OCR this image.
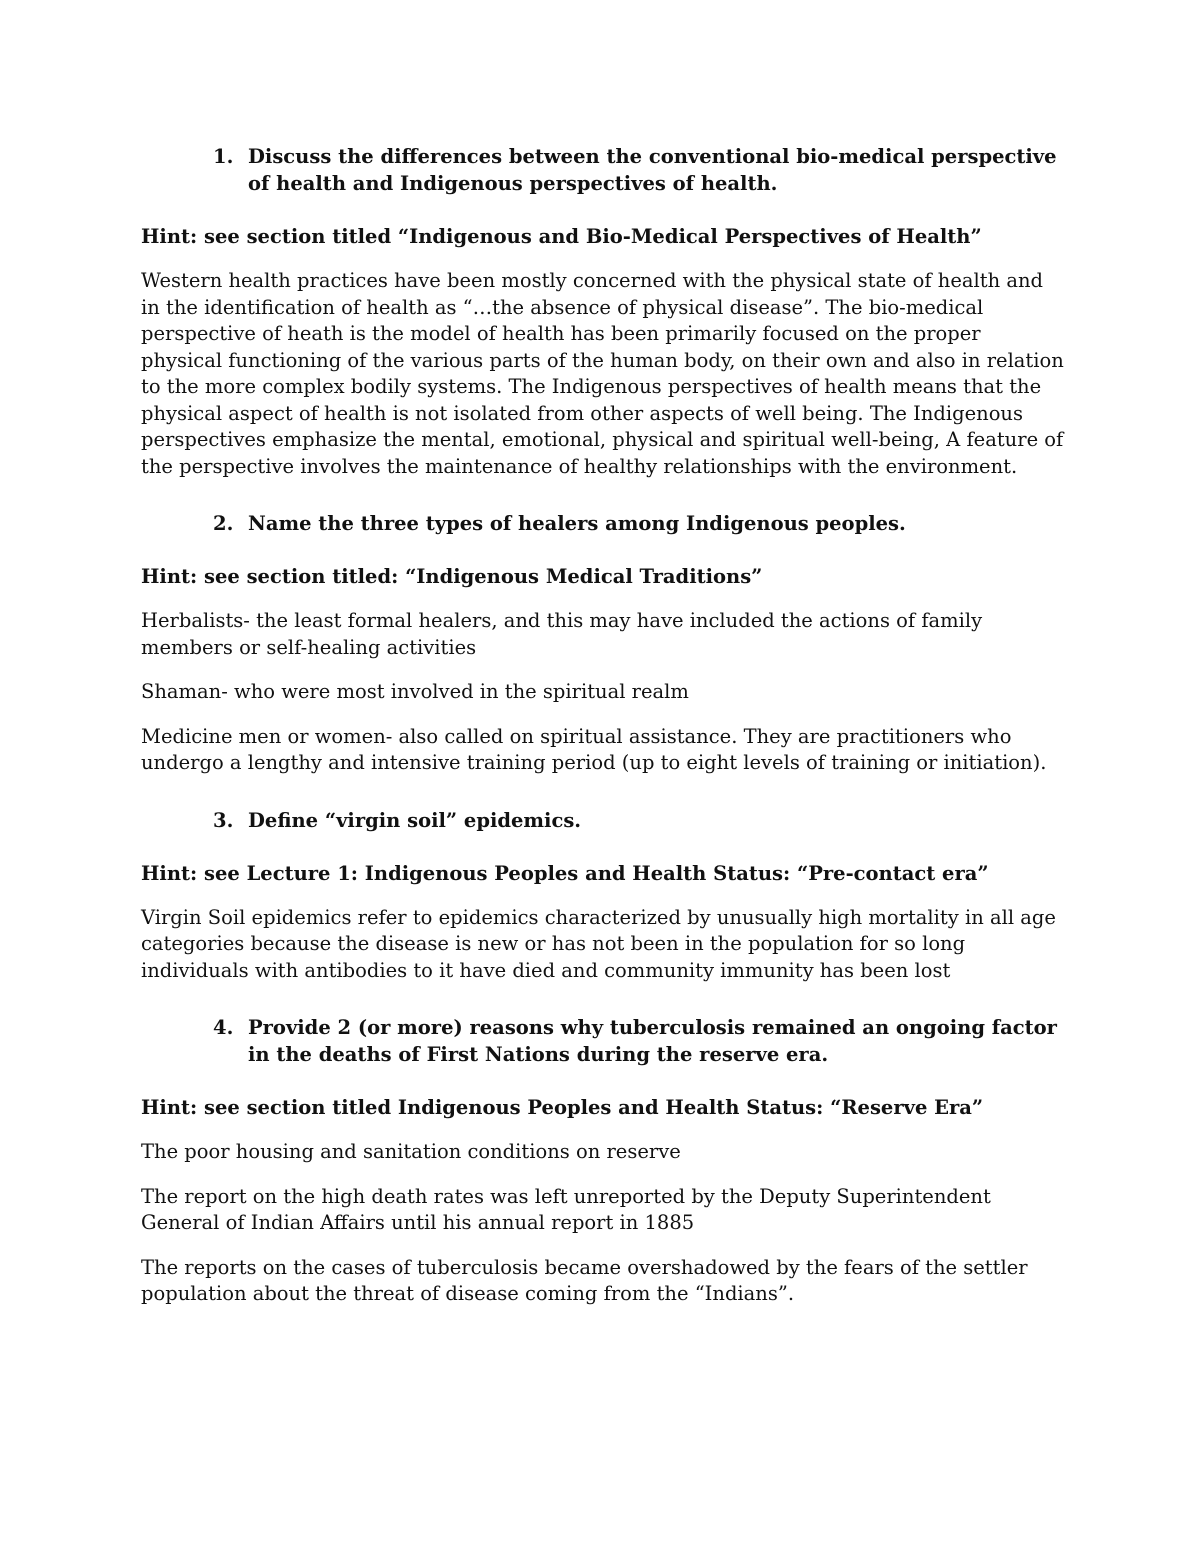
1. Discuss the differences between the conventional bio-medical perspective of health and Indigenous perspectives of health.
Hint: see section titled “Indigenous and Bio-Medical Perspectives of Health”
Western health practices have been mostly concerned with the physical state of health and in the identification of health as “…the absence of physical disease”. The bio-medical perspective of heath is the model of health has been primarily focused on the proper physical functioning of the various parts of the human body, on their own and also in relation to the more complex bodily systems. The Indigenous perspectives of health means that the physical aspect of health is not isolated from other aspects of well being. The Indigenous perspectives emphasize the mental, emotional, physical and spiritual well-being, A feature of the perspective involves the maintenance of healthy relationships with the environment.
2. Name the three types of healers among Indigenous peoples.
Hint: see section titled: “Indigenous Medical Traditions”
Herbalists- the least formal healers, and this may have included the actions of family members or self-healing activities
Shaman- who were most involved in the spiritual realm
Medicine men or women- also called on spiritual assistance. They are practitioners who undergo a lengthy and intensive training period (up to eight levels of training or initiation).
3. Define “virgin soil” epidemics.
Hint: see Lecture 1: Indigenous Peoples and Health Status: “Pre-contact era”
Virgin Soil epidemics refer to epidemics characterized by unusually high mortality in all age categories because the disease is new or has not been in the population for so long individuals with antibodies to it have died and community immunity has been lost
4. Provide 2 (or more) reasons why tuberculosis remained an ongoing factor in the deaths of First Nations during the reserve era.
Hint: see section titled Indigenous Peoples and Health Status: “Reserve Era”
The poor housing and sanitation conditions on reserve
The report on the high death rates was left unreported by the Deputy Superintendent General of Indian Affairs until his annual report in 1885
The reports on the cases of tuberculosis became overshadowed by the fears of the settler population about the threat of disease coming from the “Indians”.
